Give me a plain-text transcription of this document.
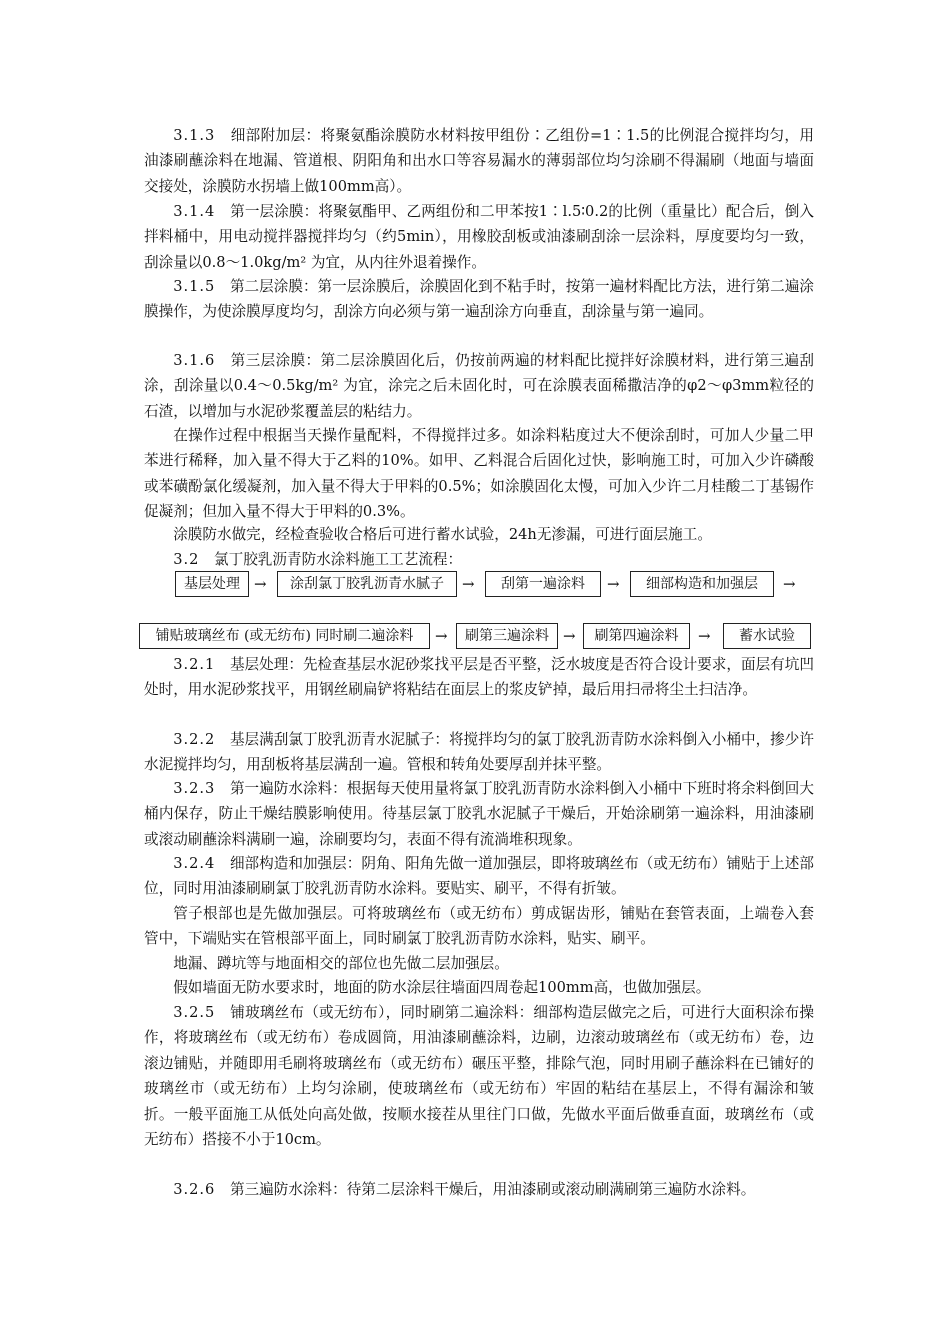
3.1.3　 细部附加层：将聚氨酯涂膜防水材料按甲组份∶乙组份=1∶1.5的比例混合搅拌均匀，用油漆刷蘸涂料在地漏、管道根、阴阳角和出水口等容易漏水的薄弱部位均匀涂刷不得漏刷（地面与墙面交接处，涂膜防水拐墙上做100mm高）。

3.1.4　 第一层涂膜：将聚氨酯甲、乙两组份和二甲苯按1∶l.5∶0.2的比例（重量比）配合后，倒入拌料桶中，用电动搅拌器搅拌均匀（约5min），用橡胶刮板或油漆刷刮涂一层涂料，厚度要均匀一致，刮涂量以0.8～1.0kg/m² 为宜，从内往外退着操作。

3.1.5　 第二层涂膜：第一层涂膜后，涂膜固化到不粘手时，按第一遍材料配比方法，进行第二遍涂膜操作，为使涂膜厚度均匀，刮涂方向必须与第一遍刮涂方向垂直，刮涂量与第一遍同。

3.1.6　 第三层涂膜：第二层涂膜固化后，仍按前两遍的材料配比搅拌好涂膜材料，进行第三遍刮涂，刮涂量以0.4～0.5kg/m² 为宜，涂完之后未固化时，可在涂膜表面稀撒洁净的φ2～φ3mm粒径的石渣，以增加与水泥砂浆覆盖层的粘结力。

在操作过程中根据当天操作量配料，不得搅拌过多。如涂料粘度过大不便涂刮时，可加人少量二甲苯进行稀释，加入量不得大于乙料的10%。如甲、乙料混合后固化过快，影响施工时，可加入少许磷酸或苯磺酚氯化缓凝剂，加入量不得大于甲料的0.5%；如涂膜固化太慢，可加入少许二月桂酸二丁基锡作促凝剂；但加入量不得大于甲料的0.3%。

涂膜防水做完，经检查验收合格后可进行蓄水试验，24h无渗漏，可进行面层施工。

3.2　 氯丁胶乳沥青防水涂料施工工艺流程：

基层处理 →	涂刮氯丁胶乳沥青水腻子	→	刮第一遍涂料	→	细部构造和加强层	→
铺贴玻璃丝布 (或无纺布) 同时刷二遍涂料	→	刷第三遍涂料 →	刷第四遍涂料	→	蓄水试验

3.2.1　 基层处理：先检查基层水泥砂浆找平层是否平整，泛水坡度是否符合设计要求，面层有坑凹处时，用水泥砂浆找平，用钢丝刷扁铲将粘结在面层上的浆皮铲掉，最后用扫帚将尘土扫洁净。

3.2.2　 基层满刮氯丁胶乳沥青水泥腻子：将搅拌均匀的氯丁胶乳沥青防水涂料倒入小桶中，掺少许水泥搅拌均匀，用刮板将基层满刮一遍。管根和转角处要厚刮并抹平整。

3.2.3　 第一遍防水涂料：根据每天使用量将氯丁胶乳沥青防水涂料倒入小桶中下班时将余料倒回大桶内保存，防止干燥结膜影响使用。待基层氯丁胶乳水泥腻子干燥后，开始涂刷第一遍涂料，用油漆刷或滚动刷蘸涂料满刷一遍，涂刷要均匀，表面不得有流淌堆积现象。

3.2.4　 细部构造和加强层：阴角、阳角先做一道加强层，即将玻璃丝布（或无纺布）铺贴于上述部位，同时用油漆刷刷氯丁胶乳沥青防水涂料。要贴实、刷平，不得有折皱。

管子根部也是先做加强层。可将玻璃丝布（或无纺布）剪成锯齿形，铺贴在套管表面，上端卷入套管中，下端贴实在管根部平面上，同时刷氯丁胶乳沥青防水涂料，贴实、刷平。

地漏、蹲坑等与地面相交的部位也先做二层加强层。

假如墙面无防水要求时，地面的防水涂层往墙面四周卷起100mm高，也做加强层。

3.2.5　 铺玻璃丝布（或无纺布），同时刷第二遍涂料：细部构造层做完之后，可进行大面积涂布操作，将玻璃丝布（或无纺布）卷成圆筒，用油漆刷蘸涂料，边刷，边滚动玻璃丝布（或无纺布）卷，边滚边铺贴，并随即用毛刷将玻璃丝布（或无纺布）碾压平整，排除气泡，同时用刷子蘸涂料在已铺好的玻璃丝市（或无纺布）上均匀涂刷，使玻璃丝布（或无纺布）牢固的粘结在基层上，不得有漏涂和皱折。一般平面施工从低处向高处做，按顺水接茬从里往门口做，先做水平面后做垂直面，玻璃丝布（或无纺布）搭接不小于10cm。

3.2.6　 第三遍防水涂料：待第二层涂料干燥后，用油漆刷或滚动刷满刷第三遍防水涂料。
